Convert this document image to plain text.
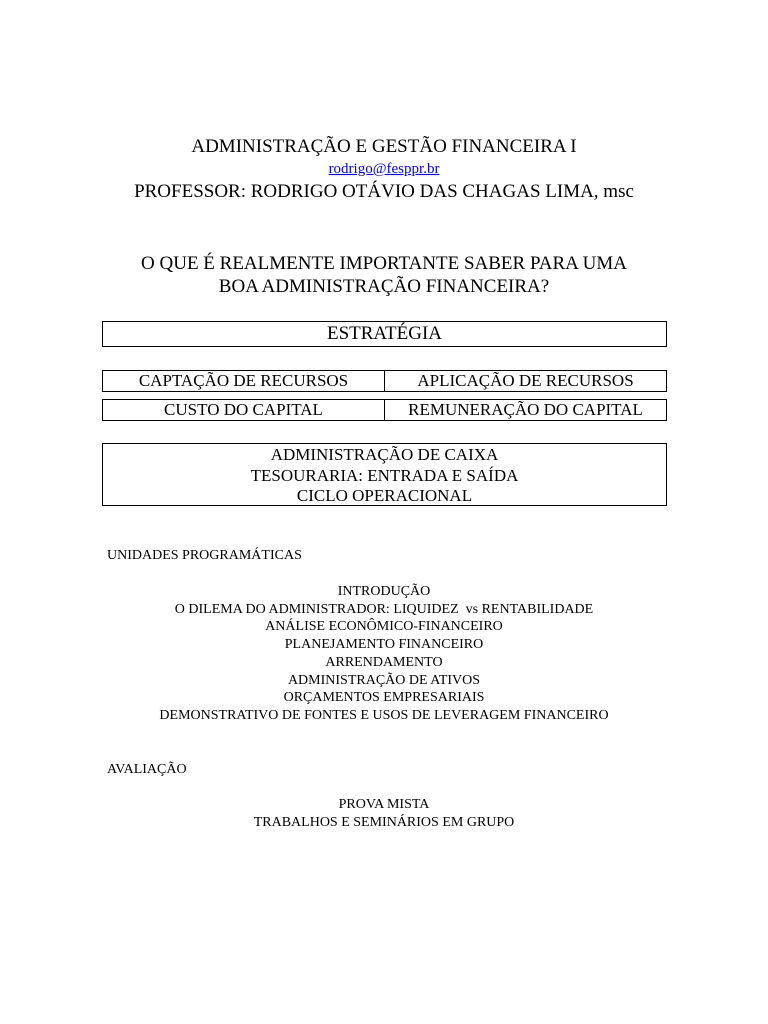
ADMINISTRAÇÃO E GESTÃO FINANCEIRA I
rodrigo@fesppr.br
PROFESSOR: RODRIGO OTÁVIO DAS CHAGAS LIMA, msc
O QUE É REALMENTE IMPORTANTE SABER PARA UMA
BOA ADMINISTRAÇÃO FINANCEIRA?
ESTRATÉGIA
CAPTAÇÃO DE RECURSOS	APLICAÇÃO DE RECURSOS
CUSTO DO CAPITAL	REMUNERAÇÃO DO CAPITAL
ADMINISTRAÇÃO DE CAIXA
TESOURARIA: ENTRADA E SAÍDA
CICLO OPERACIONAL
UNIDADES PROGRAMÁTICAS
INTRODUÇÃO
O DILEMA DO ADMINISTRADOR: LIQUIDEZ  vs RENTABILIDADE
ANÁLISE ECONÔMICO-FINANCEIRO
PLANEJAMENTO FINANCEIRO
ARRENDAMENTO
ADMINISTRAÇÃO DE ATIVOS
ORÇAMENTOS EMPRESARIAIS
DEMONSTRATIVO DE FONTES E USOS DE LEVERAGEM FINANCEIRO
AVALIAÇÃO
PROVA MISTA
TRABALHOS E SEMINÁRIOS EM GRUPO
